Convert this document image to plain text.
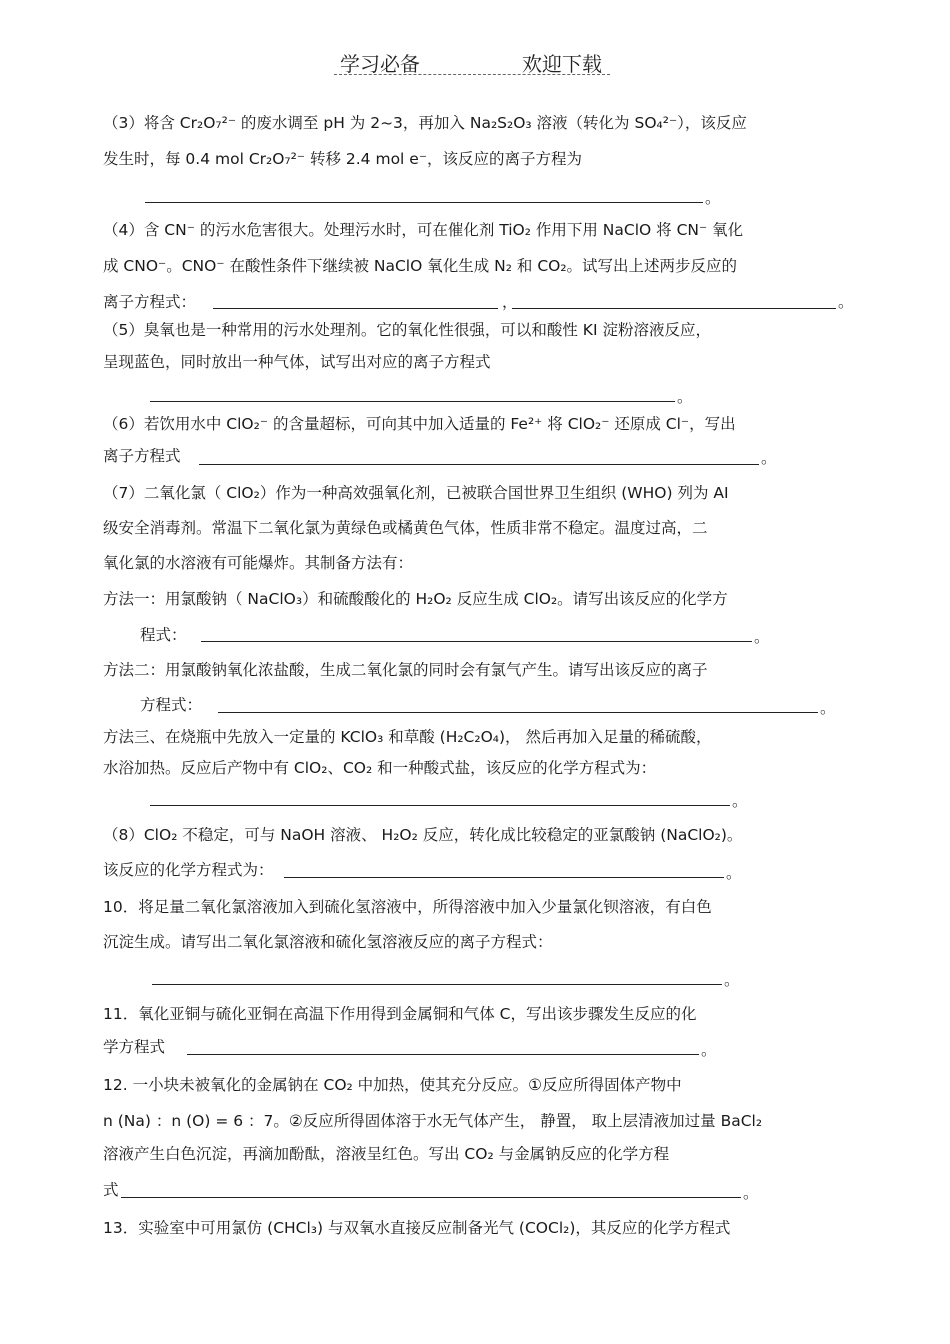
学习必备	欢迎下载
（3）将含 Cr₂O₇²⁻ 的废水调至 pH 为 2~3，再加入 Na₂S₂O₃ 溶液（转化为 SO₄²⁻），该反应
发生时，每 0.4 mol Cr₂O₇²⁻ 转移 2.4 mol e⁻，该反应的离子方程为
。
（4）含 CN⁻ 的污水危害很大。处理污水时，可在催化剂 TiO₂ 作用下用 NaClO 将 CN⁻ 氧化
成 CNO⁻。CNO⁻ 在酸性条件下继续被 NaClO 氧化生成 N₂ 和 CO₂。试写出上述两步反应的
离子方程式：	，	。
（5）臭氧也是一种常用的污水处理剂。它的氧化性很强，可以和酸性 KI 淀粉溶液反应，
呈现蓝色，同时放出一种气体，试写出对应的离子方程式
。
（6）若饮用水中 ClO₂⁻ 的含量超标，可向其中加入适量的 Fe²⁺ 将 ClO₂⁻ 还原成 Cl⁻，写出
离子方程式	。
（7）二氧化氯（ ClO₂）作为一种高效强氧化剂，已被联合国世界卫生组织 (WHO) 列为 AI
级安全消毒剂。常温下二氧化氯为黄绿色或橘黄色气体，性质非常不稳定。温度过高，二
氧化氯的水溶液有可能爆炸。其制备方法有：
方法一：用氯酸钠（ NaClO₃）和硫酸酸化的 H₂O₂ 反应生成 ClO₂。请写出该反应的化学方
程式：	。
方法二：用氯酸钠氧化浓盐酸，生成二氧化氯的同时会有氯气产生。请写出该反应的离子
方程式：	。
方法三、在烧瓶中先放入一定量的 KClO₃ 和草酸 (H₂C₂O₄)， 然后再加入足量的稀硫酸，
水浴加热。反应后产物中有 ClO₂、CO₂ 和一种酸式盐，该反应的化学方程式为：
。
（8）ClO₂ 不稳定，可与 NaOH 溶液、 H₂O₂ 反应，转化成比较稳定的亚氯酸钠 (NaClO₂)。
该反应的化学方程式为：	。
10．将足量二氧化氯溶液加入到硫化氢溶液中，所得溶液中加入少量氯化钡溶液，有白色
沉淀生成。请写出二氧化氯溶液和硫化氢溶液反应的离子方程式：
。
11．氧化亚铜与硫化亚铜在高温下作用得到金属铜和气体 C，写出该步骤发生反应的化
学方程式	。
12. 一小块未被氧化的金属钠在 CO₂ 中加热，使其充分反应。①反应所得固体产物中
n (Na) ：n (O) = 6 ：7。②反应所得固体溶于水无气体产生， 静置， 取上层清液加过量 BaCl₂
溶液产生白色沉淀，再滴加酚酞，溶液呈红色。写出 CO₂ 与金属钠反应的化学方程
式	。
13．实验室中可用氯仿 (CHCl₃) 与双氧水直接反应制备光气 (COCl₂)，其反应的化学方程式
